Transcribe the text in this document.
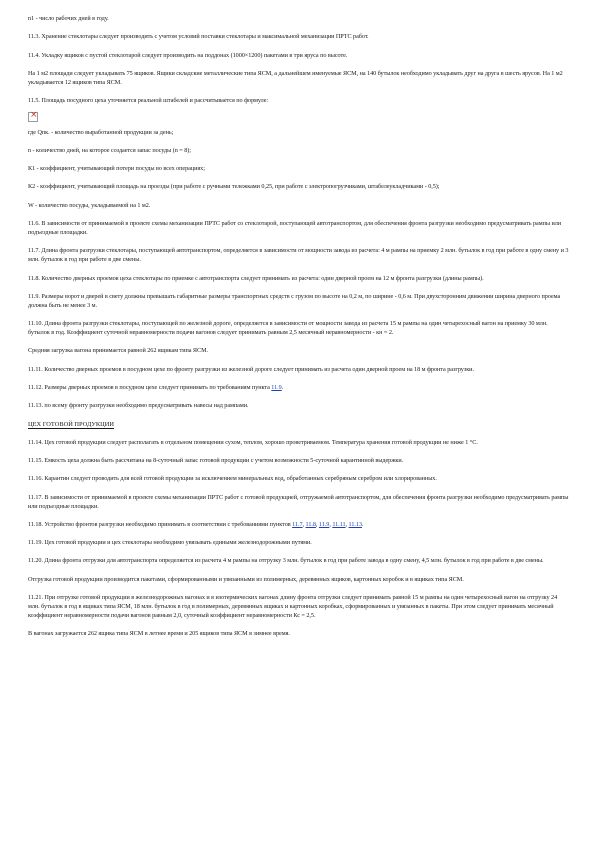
n1 - число рабочих дней в году.

11.3. Хранение стеклотары следует производить с учетом условий поставки стеклотары и максимальной механизации ПРТС работ.

11.4. Укладку ящиков с пустой стеклотарой следует производить на поддонах (1000×1200) пакетами в три яруса по высоте.

На 1 м2 площади следует укладывать 75 ящиков. Ящики складские металлические типа ЯСМ, а дальнейшем именуемые ЯСМ, на 140 бутылок необходимо укладывать друг на друга в шесть ярусов. На 1 м2 укладывается 12 ящиков типа ЯСМ.

11.5. Площадь посудного цеха уточняется реальной штабелей и рассчитывается по формуле:

×

где Qпк. - количество выработанной продукции за день;

n - количество дней, на которое создается запас посуды (n = 8);

К1 - коэффициент, учитывающий потери посуды во всех операциях;

К2 - коэффициент, учитывающий площадь на проезды (при работе с ручными тележками 0,25, при работе с электропогрузчиками, штабелеукладчиками - 0,5);

W - количество посуды, укладываемой на 1 м2.

11.6. В зависимости от принимаемой в проекте схемы механизации ПРТС работ со стеклотарой, поступающей автотранспортом, для обеспечения фронта разгрузки необходимо предусматривать рампы или подъездные площадки.

11.7. Длина фронта разгрузки стеклотары, поступающей автотранспортом, определяется в зависимости от мощности завода из расчета: 4 м рампы на приемку 2 млн. бутылок в год при работе в одну смену и 3 млн. бутылок в год при работе в две смены.

11.8. Количество дверных проемов цеха стеклотары по приемке с автотранспорта следует принимать из расчета: один дверной проем на 12 м фронта разгрузки (длины рампы).

11.9. Размеры ворот и дверей в свету должны превышать габаритные размеры транспортных средств с грузом по высоте на 0,2 м, по ширине - 0,6 м. При двухсторонним движении ширина дверного проема должна быть не менее 3 м.

11.10. Длина фронта разгрузки стеклотары, поступающей по железной дороге, определяется в зависимости от мощности завода из расчета 15 м рампы на один четырехосный вагон на приемку 30 млн. бутылок в год. Коэффициент суточной неравномерности подачи вагонов следует принимать равным 2,5 месячный неравномерности - кн = 2.

Средняя загрузка вагона принимается равной 262 ящикам типа ЯСМ.

11.11. Количество дверных проемов в посудном цехе по фронту разгрузки из железной дороге следует принимать из расчета один дверной проем на 18 м фронта разгрузки.

11.12. Размеры дверных проемов в посудном цехе следует принимать по требованиям пункта 11.9.

11.13. по всему фронту разгрузки необходимо предусматривать навесы над рампами.

ЦЕХ ГОТОВОЙ ПРОДУКЦИИ

11.14. Цех готовой продукции следует располагать в отдельном помещении сухом, теплом, хорошо проветриваемом. Температура хранения готовой продукции не ниже 1 °С.

11.15. Емкость цеха должна быть рассчитана на 8-суточный запас готовой продукции с учетом возможности 5-суточной карантинной выдержки.

11.16. Карантин следует проводить для всей готовой продукции за исключением минеральных вод, обработанных серебряным серебром или хлорированных.

11.17. В зависимости от принимаемой в проекте схемы механизации ПРТС работ с готовой продукцией, отгружаемой автотранспортом, для обеспечения фронта разгрузки необходимо предусматривать рампы или подъездные площадки.

11.18. Устройство фронтов разгрузки необходимо принимать в соответствии с требованиями пунктов 11.7, 11.8, 11.9, 11.11, 11.13.

11.19. Цех готовой продукции и цех стеклотары необходимо увязывать едиными железнодорожными путями.

11.20. Длина фронта отгрузки для автотранспорта определяется из расчета 4 м рампы на отгрузку 3 млн. бутылок в год при работе завода в одну смену, 4,5 млн. бутылок в год при работе в две смены.

Отгрузка готовой продукции производится пакетами, сформированными и увязанными из полимерных, деревянных ящиков, картонных коробок и в ящиках типа ЯСМ.

11.21. При отгрузке готовой продукции в железнодорожных вагонах и в изотермических вагонах длину фронта отгрузки следует принимать равной 15 м рампы на один четырехосный вагон на отгрузку 24 млн. бутылок в год в ящиках типа ЯСМ, 18 млн. бутылок в год в полимерных, деревянных ящиках и картонных коробках, сформированных и увязанных в пакеты. При этом следует принимать месячный коэффициент неравномерности подачи вагонов равным 2,0, суточный коэффициент неравномерности Кс = 2,5.

В вагонах загружается 262 ящика типа ЯСМ в летнее время и 205 ящиков типа ЯСМ в зимнее время.
